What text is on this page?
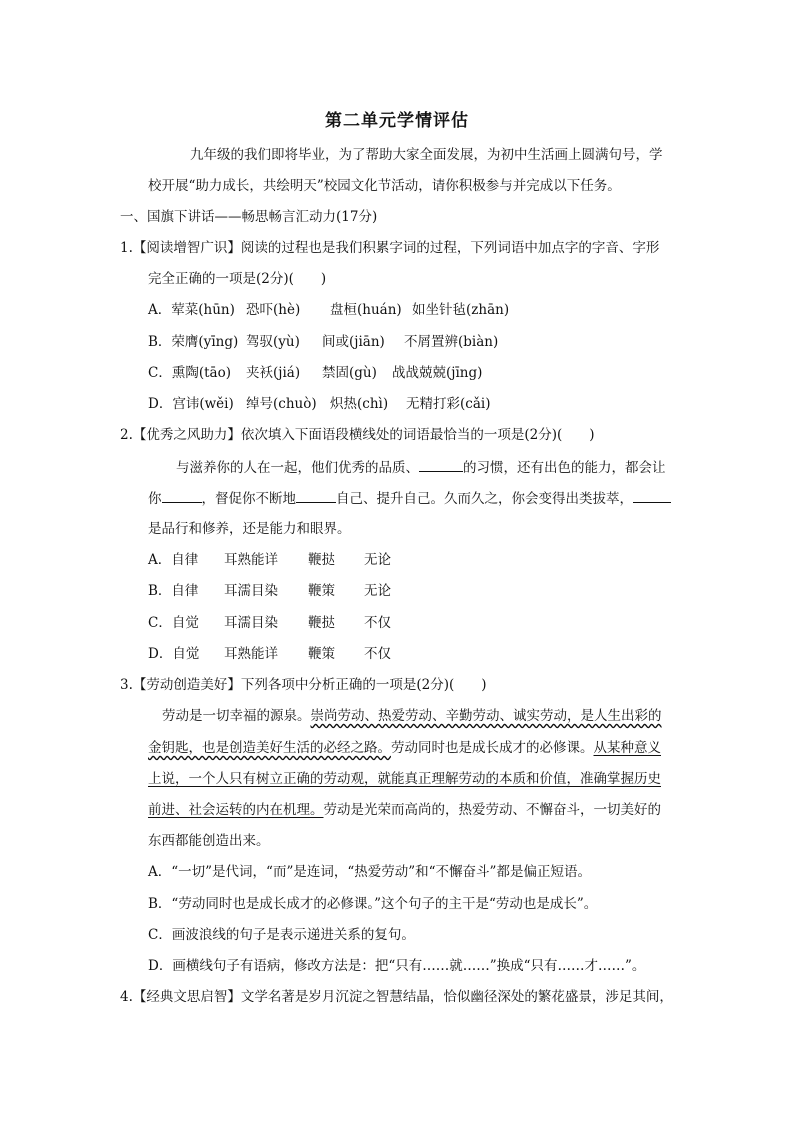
第二单元学情评估
九年级的我们即将毕业，为了帮助大家全面发展，为初中生活画上圆满句号，学
校开展“助力成长，共绘明天”校园文化节活动，请你积极参与并完成以下任务。
一、国旗下讲话——畅思畅言汇动力(17分)
1.【阅读增智广识】阅读的过程也是我们积累字词的过程，下列词语中加点字的字音、字形
完全正确的一项是(2分)(　　)
A．荤菜(hūn) 恐吓(hè) 盘桓(huán) 如坐针毡(zhān)
B．荣膺(yīng) 驾驭(yù) 间或(jiān) 不屑置辨(biàn)
C．熏陶(tāo) 夹袄(jiá) 禁固(gù) 战战兢兢(jīng)
D．宫讳(wěi) 绰号(chuò) 炽热(chì) 无精打彩(cǎi)
2.【优秀之风助力】依次填入下面语段横线处的词语最恰当的一项是(2分)(　　)
与滋养你的人在一起，他们优秀的品质、	的习惯，还有出色的能力，都会让
你	，督促你不断地	自己、提升自己。久而久之，你会变得出类拔萃，
是品行和修养，还是能力和眼界。
A．自律 耳熟能详 鞭挞 无论
B．自律 耳濡目染 鞭策 无论
C．自觉 耳濡目染 鞭挞 不仅
D．自觉 耳熟能详 鞭策 不仅
3.【劳动创造美好】下列各项中分析正确的一项是(2分)(　　)
劳动是一切幸福的源泉。崇尚劳动、热爱劳动、辛勤劳动、诚实劳动，是人生出彩的
金钥匙，也是创造美好生活的必经之路。劳动同时也是成长成才的必修课。从某种意义
上说，一个人只有树立正确的劳动观，就能真正理解劳动的本质和价值，准确掌握历史
前进、社会运转的内在机理。劳动是光荣而高尚的，热爱劳动、不懈奋斗，一切美好的
东西都能创造出来。
A．“一切”是代词，“而”是连词，“热爱劳动”和“不懈奋斗”都是偏正短语。
B．“劳动同时也是成长成才的必修课。”这个句子的主干是“劳动也是成长”。
C．画波浪线的句子是表示递进关系的复句。
D．画横线句子有语病，修改方法是：把“只有……就……”换成“只有……才……”。
4.【经典文思启智】文学名著是岁月沉淀之智慧结晶，恰似幽径深处的繁花盛景，涉足其间，
